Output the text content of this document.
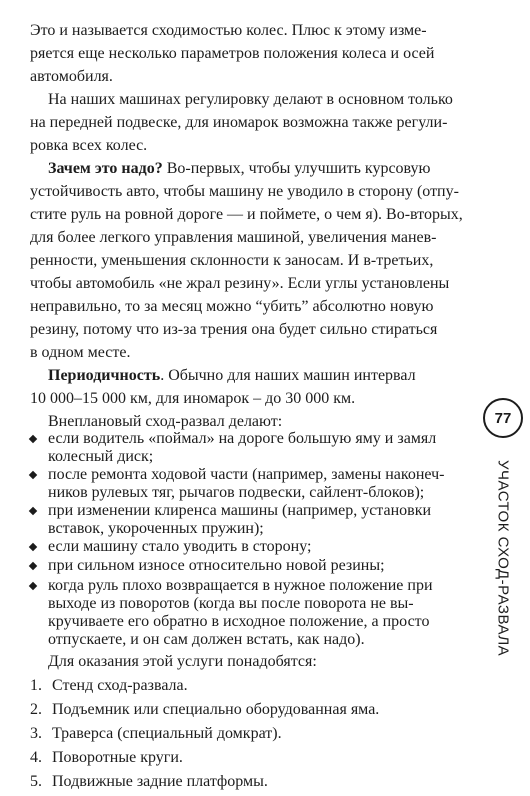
Это и называется сходимостью колес. Плюс к этому изме-

ряется еще несколько параметров положения колеса и осей

автомобиля.

На наших машинах регулировку делают в основном только

на передней подвеске, для иномарок возможна также регули-

ровка всех колес.

Зачем это надо? Во-первых, чтобы улучшить курсовую

устойчивость авто, чтобы машину не уводило в сторону (отпу-

стите руль на ровной дороге — и поймете, о чем я). Во-вторых,

для более легкого управления машиной, увеличения манев-

ренности, уменьшения склонности к заносам. И в-третьих,

чтобы автомобиль «не жрал резину». Если углы установлены

неправильно, то за месяц можно “убить” абсолютно новую

резину, потому что из-за трения она будет сильно стираться

в одном месте.

Периодичность. Обычно для наших машин интервал

10 000–15 000 км, для иномарок – до 30 000 км.

Внеплановый сход-развал делают:

если водитель «поймал» на дороге большую яму и замял

колесный диск;

после ремонта ходовой части (например, замены наконеч-

ников рулевых тяг, рычагов подвески, сайлент-блоков);

при изменении клиренса машины (например, установки

вставок, укороченных пружин);

если машину стало уводить в сторону;

при сильном износе относительно новой резины;

когда руль плохо возвращается в нужное положение при

выходе из поворотов (когда вы после поворота не вы-

кручиваете его обратно в исходное положение, а просто

отпускаете, и он сам должен встать, как надо).

Для оказания этой услуги понадобятся:

1. Стенд сход-развала.

2. Подъемник или специально оборудованная яма.

3. Траверса (специальный домкрат).

4. Поворотные круги.

5. Подвижные задние платформы.

77
УЧАСТОК СХОД-РАЗВАЛА
